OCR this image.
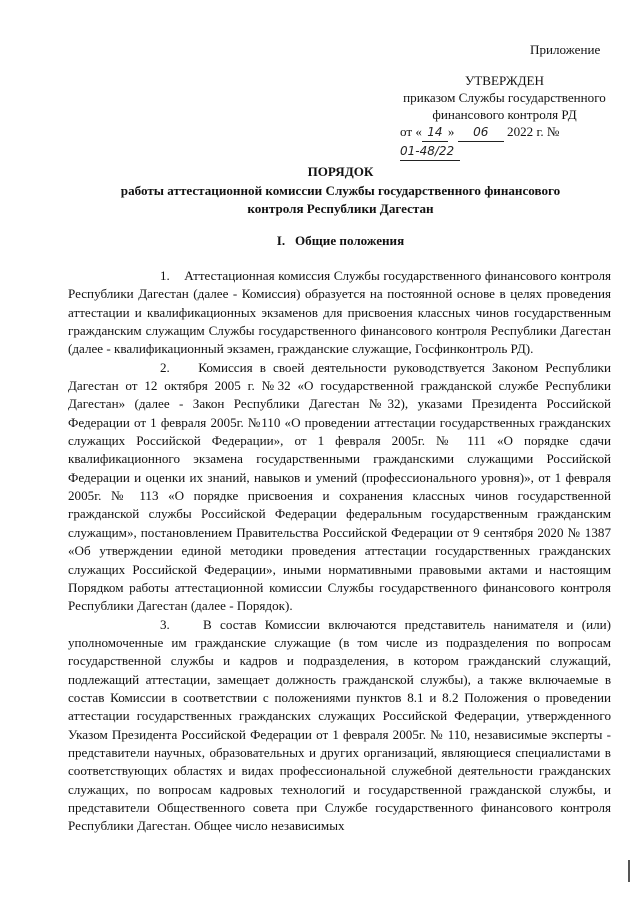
Приложение
УТВЕРЖДЕН
приказом Службы государственного
финансового контроля РД
от « 14 » 06 2022 г. №01-48/22
ПОРЯДОК
работы аттестационной комиссии Службы государственного финансового
контроля Республики Дагестан
I. Общие положения

1. Аттестационная комиссия Службы государственного финансового контроля Республики Дагестан (далее - Комиссия) образуется на постоянной основе в целях проведения аттестации и квалификационных экзаменов для присвоения классных чинов государственным гражданским служащим Службы государственного финансового контроля Республики Дагестан (далее - квалификационный экзамен, гражданские служащие, Госфинконтроль РД).

2. Комиссия в своей деятельности руководствуется Законом Республики Дагестан от 12 октября 2005 г. №32 «О государственной гражданской службе Республики Дагестан» (далее - Закон Республики Дагестан №32), указами Президента Российской Федерации от 1 февраля 2005г. №110 «О проведении аттестации государственных гражданских служащих Российской Федерации», от 1 февраля 2005г. № 111 «О порядке сдачи квалификационного экзамена государственными гражданскими служащими Российской Федерации и оценки их знаний, навыков и умений (профессионального уровня)», от 1 февраля 2005г. № 113 «О порядке присвоения и сохранения классных чинов государственной гражданской службы Российской Федерации федеральным государственным гражданским служащим», постановлением Правительства Российской Федерации от 9 сентября 2020 № 1387 «Об утверждении единой методики проведения аттестации государственных гражданских служащих Российской Федерации», иными нормативными правовыми актами и настоящим Порядком работы аттестационной комиссии Службы государственного финансового контроля Республики Дагестан (далее - Порядок).

3.	В состав Комиссии включаются представитель нанимателя и (или) уполномоченные им гражданские служащие (в том числе из подразделения по вопросам государственной службы и кадров и подразделения, в котором гражданский служащий, подлежащий аттестации, замещает должность гражданской службы), а также включаемые в состав Комиссии в соответствии с положениями пунктов 8.1 и 8.2 Положения о проведении аттестации государственных гражданских служащих Российской Федерации, утвержденного Указом Президента Российской Федерации от 1 февраля 2005г. № 110, независимые эксперты - представители научных, образовательных и других организаций, являющиеся специалистами в соответствующих областях и видах профессиональной служебной деятельности гражданских служащих, по вопросам кадровых технологий и государственной гражданской службы, и представители Общественного совета при Службе государственного финансового контроля Республики Дагестан. Общее число независимых
